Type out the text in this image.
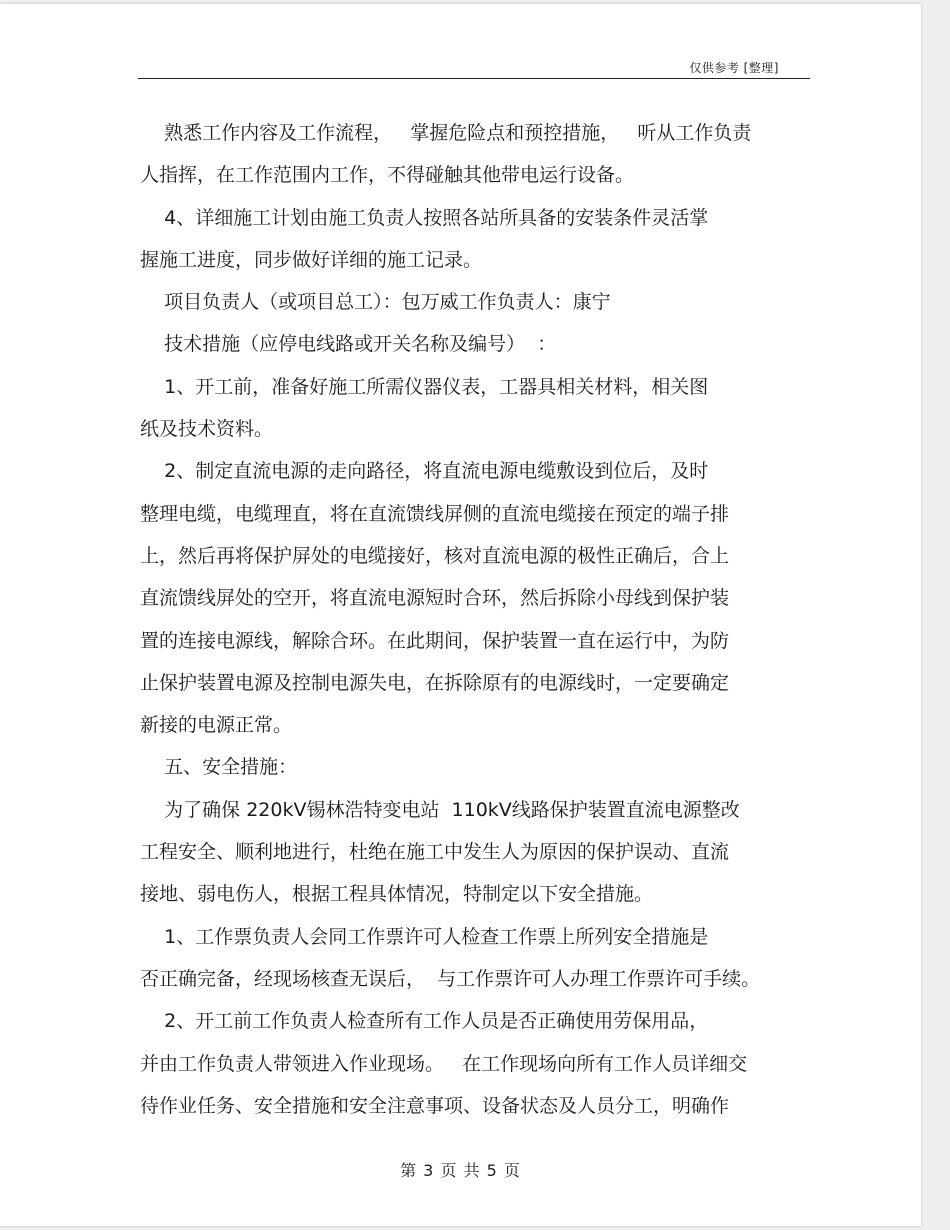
仅供参考 [整理]
熟悉工作内容及工作流程，   掌握危险点和预控措施，   听从工作负责
人指挥，在工作范围内工作，不得碰触其他带电运行设备。
4、详细施工计划由施工负责人按照各站所具备的安装条件灵活掌
握施工进度，同步做好详细的施工记录。
项目负责人（或项目总工）：包万威工作负责人：康宁
技术措施（应停电线路或开关名称及编号）  ：
1、开工前，准备好施工所需仪器仪表，工器具相关材料，相关图
纸及技术资料。
2、制定直流电源的走向路径，将直流电源电缆敷设到位后，及时
整理电缆，电缆理直，将在直流馈线屏侧的直流电缆接在预定的端子排
上，然后再将保护屏处的电缆接好，核对直流电源的极性正确后，合上
直流馈线屏处的空开，将直流电源短时合环，然后拆除小母线到保护装
置的连接电源线，解除合环。在此期间，保护装置一直在运行中，为防
止保护装置电源及控制电源失电，在拆除原有的电源线时，一定要确定
新接的电源正常。
五、安全措施：
为了确保 220kV锡林浩特变电站  110kV线路保护装置直流电源整改
工程安全、顺利地进行，杜绝在施工中发生人为原因的保护误动、直流
接地、弱电伤人，根据工程具体情况，特制定以下安全措施。
1、工作票负责人会同工作票许可人检查工作票上所列安全措施是
否正确完备，经现场核查无误后，  与工作票许可人办理工作票许可手续。
2、开工前工作负责人检查所有工作人员是否正确使用劳保用品，
并由工作负责人带领进入作业现场。   在工作现场向所有工作人员详细交
待作业任务、安全措施和安全注意事项、设备状态及人员分工，明确作
第 3 页 共 5 页
